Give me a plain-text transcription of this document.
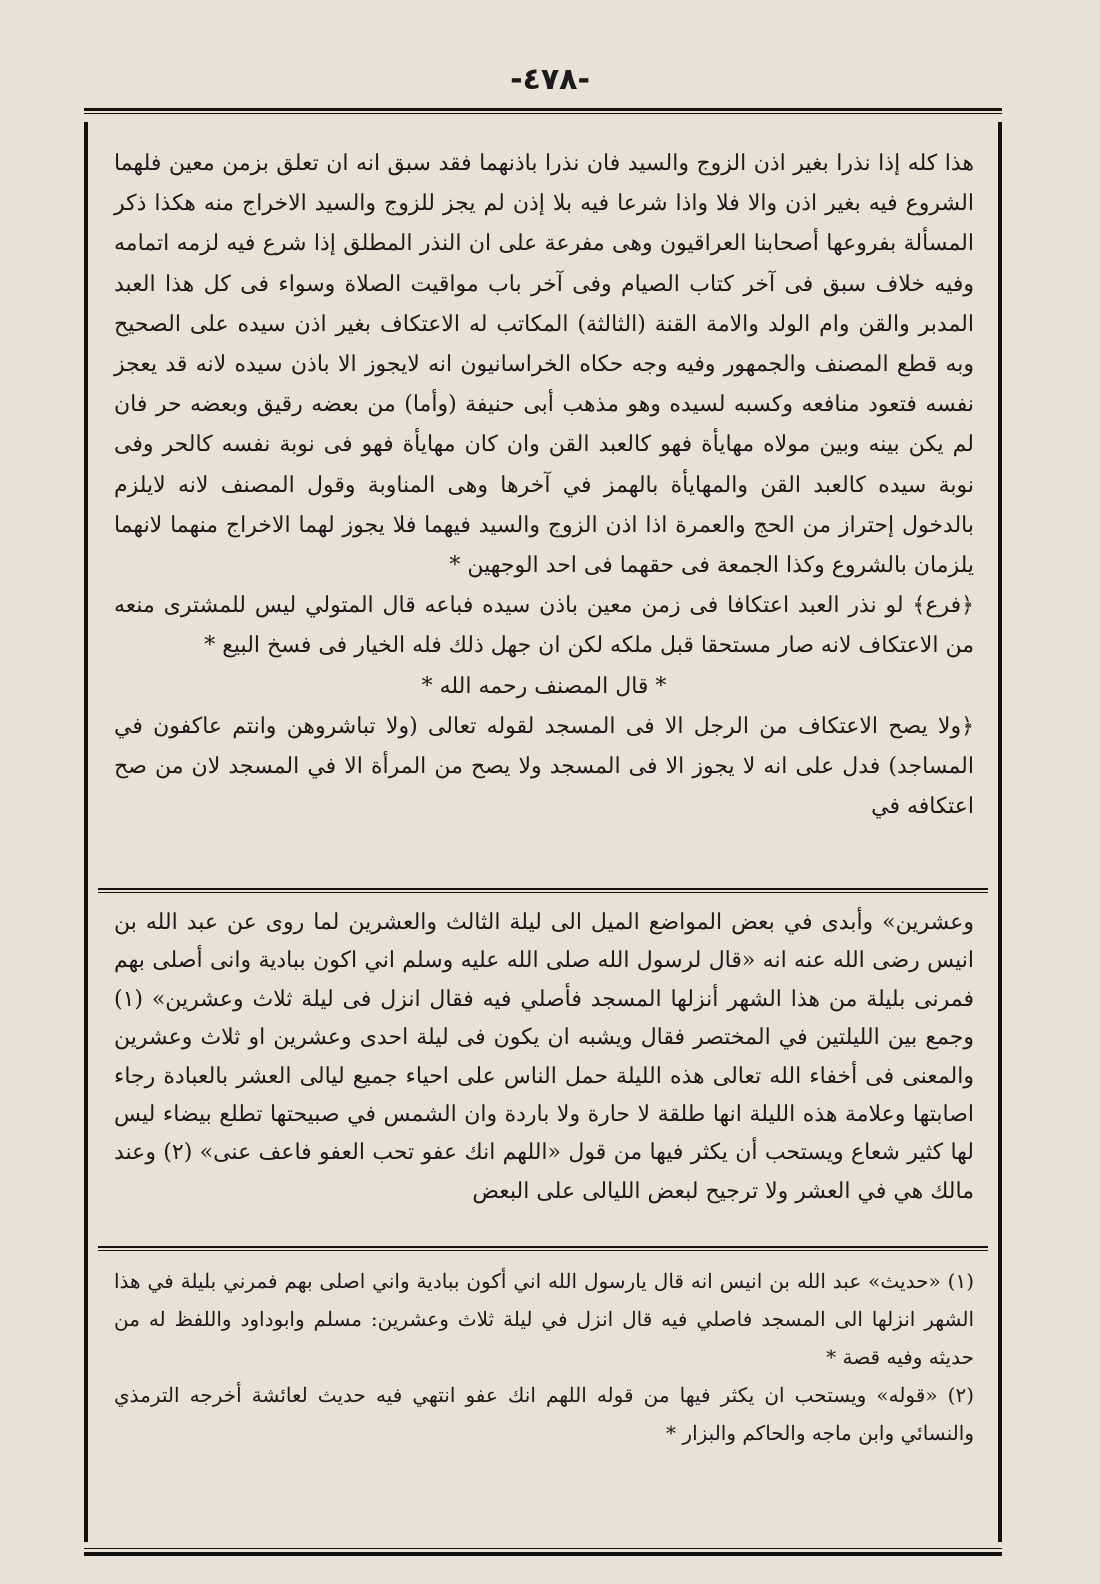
-٤٧٨-

هذا كله إذا نذرا بغير اذن الزوج والسيد فان نذرا باذنهما فقد سبق انه ان تعلق بزمن معين فلهما الشروع فيه بغير اذن والا فلا واذا شرعا فيه بلا إذن لم يجز للزوج والسيد الاخراج منه هكذا ذكر المسألة بفروعها أصحابنا العراقيون وهى مفرعة على ان النذر المطلق إذا شرع فيه لزمه اتمامه وفيه خلاف سبق فى آخر كتاب الصيام وفى آخر باب مواقيت الصلاة وسواء فى كل هذا العبد المدبر والقن وام الولد والامة القنة (الثالثة) المكاتب له الاعتكاف بغير اذن سيده على الصحيح وبه قطع المصنف والجمهور وفيه وجه حكاه الخراسانيون انه لايجوز الا باذن سيده لانه قد يعجز نفسه فتعود منافعه وكسبه لسيده وهو مذهب أبى حنيفة (وأما) من بعضه رقيق وبعضه حر فان لم يكن بينه وبين مولاه مهايأة فهو كالعبد القن وان كان مهايأة فهو فى نوبة نفسه كالحر وفى نوبة سيده كالعبد القن والمهايأة بالهمز في آخرها وهى المناوبة وقول المصنف لانه لايلزم بالدخول إحتراز من الحج والعمرة اذا اذن الزوج والسيد فيهما فلا يجوز لهما الاخراج منهما لانهما يلزمان بالشروع وكذا الجمعة فى حقهما فى احد الوجهين *

﴿فرع﴾ لو نذر العبد اعتكافا فى زمن معين باذن سيده فباعه قال المتولي ليس للمشترى منعه من الاعتكاف لانه صار مستحقا قبل ملكه لكن ان جهل ذلك فله الخيار فى فسخ البيع *

* قال المصنف رحمه الله *

﴿ولا يصح الاعتكاف من الرجل الا فى المسجد لقوله تعالى (ولا تباشروهن وانتم عاكفون في المساجد) فدل على انه لا يجوز الا فى المسجد ولا يصح من المرأة الا في المسجد لان من صح اعتكافه في

وعشرين» وأبدى في بعض المواضع الميل الى ليلة الثالث والعشرين لما روى عن عبد الله بن انيس رضى الله عنه انه «قال لرسول الله صلى الله عليه وسلم اني اكون ببادية وانى أصلى بهم فمرنى بليلة من هذا الشهر أنزلها المسجد فأصلي فيه فقال انزل فى ليلة ثلاث وعشرين» (١) وجمع بين الليلتين في المختصر فقال ويشبه ان يكون فى ليلة احدى وعشرين او ثلاث وعشرين والمعنى فى أخفاء الله تعالى هذه الليلة حمل الناس على احياء جميع ليالى العشر بالعبادة رجاء اصابتها وعلامة هذه الليلة انها طلقة لا حارة ولا باردة وان الشمس في صبيحتها تطلع بيضاء ليس لها كثير شعاع ويستحب أن يكثر فيها من قول «اللهم انك عفو تحب العفو فاعف عنى» (٢) وعند مالك هي في العشر ولا ترجيح لبعض الليالى على البعض

(١) «حديث» عبد الله بن انيس انه قال يارسول الله اني أكون ببادية واني اصلى بهم فمرني بليلة في هذا الشهر انزلها الى المسجد فاصلي فيه قال انزل في ليلة ثلاث وعشرين: مسلم وابوداود واللفظ له من حديثه وفيه قصة *

(٢) «قوله» ويستحب ان يكثر فيها من قوله اللهم انك عفو انتهي فيه حديث لعائشة أخرجه الترمذي والنسائي وابن ماجه والحاكم والبزار *
